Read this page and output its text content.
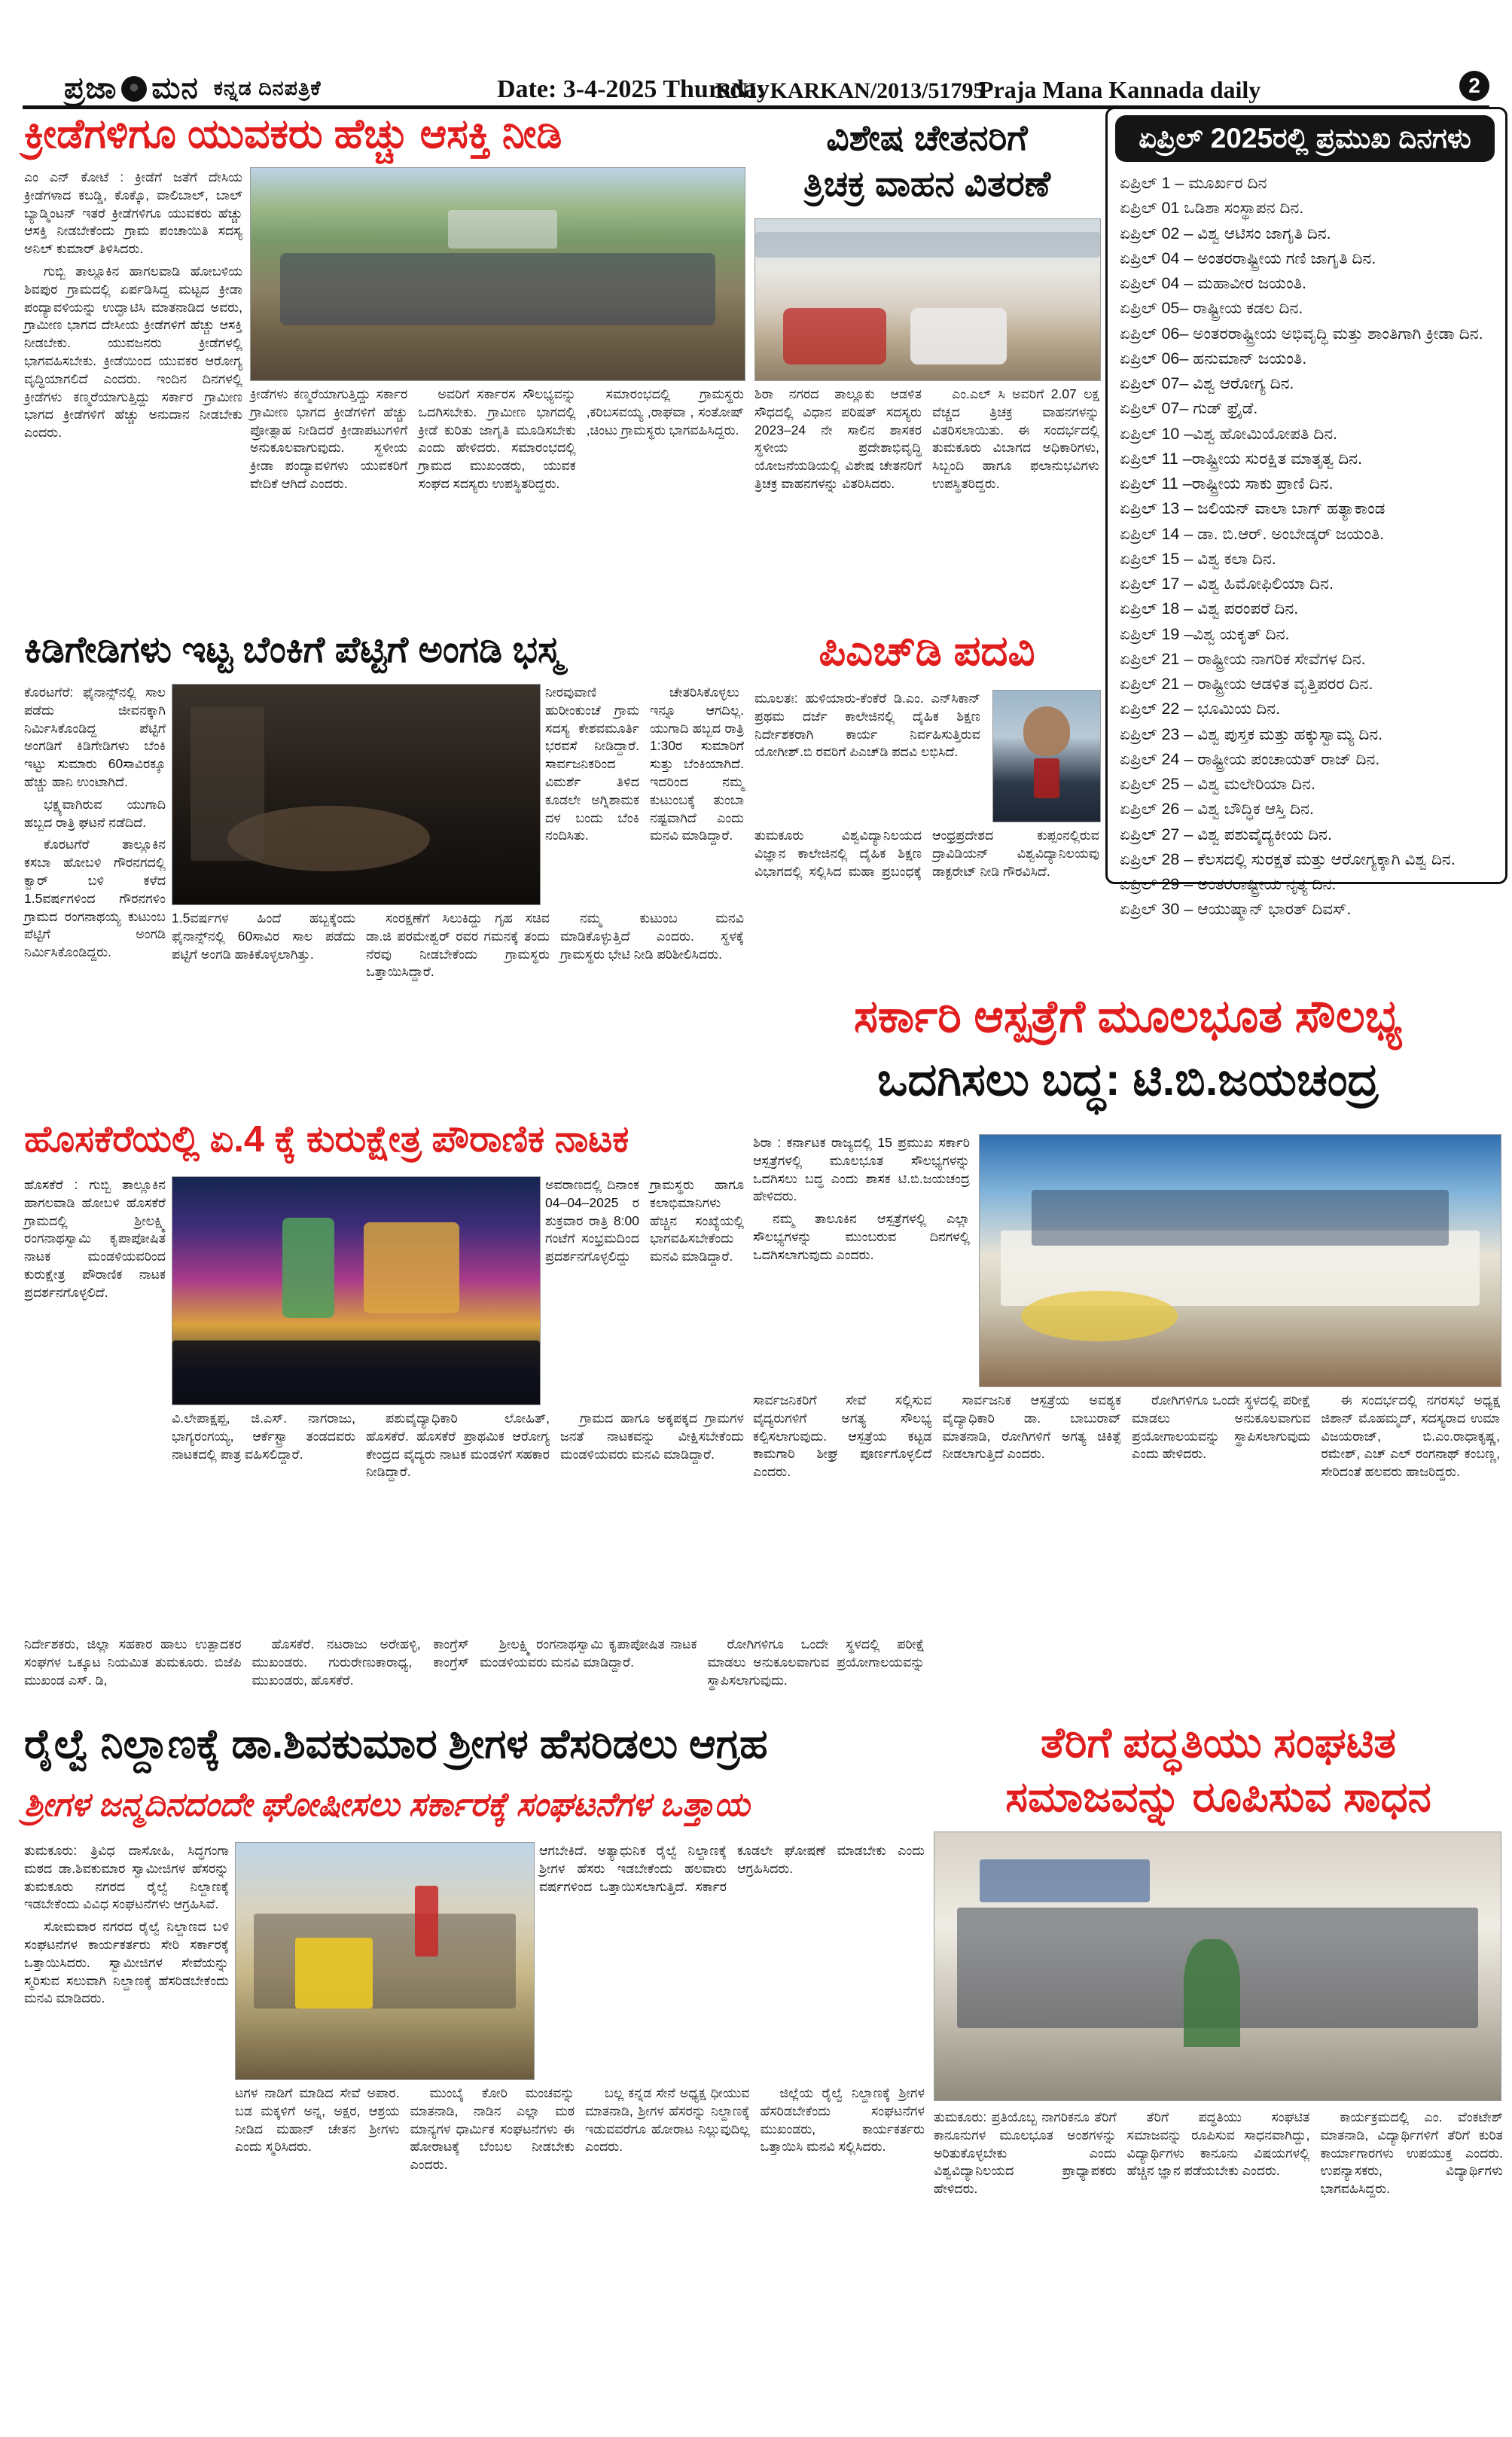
ಪ್ರಜಾ ಮನ ಕನ್ನಡ ದಿನಪತ್ರಿಕೆ	Date: 3-4-2025 Thursday
RNI: KARKAN/2013/51795
Praja Mana Kannada daily	2
ಕ್ರೀಡೆಗಳಿಗೂ ಯುವಕರು ಹೆಚ್ಚು ಆಸಕ್ತಿ ನೀಡಿ

ಎಂ ಎನ್ ಕೋಟೆ : ಕ್ರೀಡೆಗೆ ಜತೆಗೆ ದೇಸಿಯ ಕ್ರೀಡೆಗಳಾದ ಕಬಡ್ಡಿ, ಕೊಕ್ಕೊ, ವಾಲಿಬಾಲ್, ಬಾಲ್ ಬ್ಯಾಡ್ಮಿಂಟನ್ ಇತರೆ ಕ್ರೀಡೆಗಳಿಗೂ ಯುವಕರು ಹೆಚ್ಚು ಆಸಕ್ತಿ ನೀಡಬೇಕೆಂದು ಗ್ರಾಮ ಪಂಚಾಯಿತಿ ಸದಸ್ಯ ಅನಿಲ್ ಕುಮಾರ್ ತಿಳಿಸಿದರು.

ಗುಬ್ಬಿ ತಾಲ್ಲೂಕಿನ ಹಾಗಲವಾಡಿ ಹೋಬಳಿಯ ಶಿವಪುರ ಗ್ರಾಮದಲ್ಲಿ ಏರ್ಪಡಿಸಿದ್ದ ಮಟ್ಟದ ಕ್ರೀಡಾ ಪಂದ್ಯಾವಳಿಯನ್ನು ಉದ್ಘಾಟಿಸಿ ಮಾತನಾಡಿದ ಅವರು, ಗ್ರಾಮೀಣ ಭಾಗದ ದೇಸೀಯ ಕ್ರೀಡೆಗಳಿಗೆ ಹೆಚ್ಚು ಆಸಕ್ತಿ ನೀಡಬೇಕು. ಯುವಜನರು ಕ್ರೀಡೆಗಳಲ್ಲಿ ಭಾಗವಹಿಸಬೇಕು. ಕ್ರೀಡೆಯಿಂದ ಯುವಕರ ಆರೋಗ್ಯ ವೃದ್ಧಿಯಾಗಲಿದೆ ಎಂದರು. ಇಂದಿನ ದಿನಗಳಲ್ಲಿ ಕ್ರೀಡೆಗಳು ಕಣ್ಮರೆಯಾಗುತ್ತಿದ್ದು ಸರ್ಕಾರ ಗ್ರಾಮೀಣ ಭಾಗದ ಕ್ರೀಡೆಗಳಿಗೆ ಹೆಚ್ಚು ಅನುದಾನ ನೀಡಬೇಕು ಎಂದರು.

ಕ್ರೀಡೆಗಳು ಕಣ್ಮರೆಯಾಗುತ್ತಿದ್ದು ಸರ್ಕಾರ ಗ್ರಾಮೀಣ ಭಾಗದ ಕ್ರೀಡೆಗಳಿಗೆ ಹೆಚ್ಚು ಪ್ರೋತ್ಸಾಹ ನೀಡಿದರೆ ಕ್ರೀಡಾಪಟುಗಳಿಗೆ ಅನುಕೂಲವಾಗುವುದು. ಸ್ಥಳೀಯ ಕ್ರೀಡಾ ಪಂದ್ಯಾವಳಿಗಳು ಯುವಕರಿಗೆ ವೇದಿಕೆ ಆಗಿದೆ ಎಂದರು.

ಅವರಿಗೆ ಸರ್ಕಾರಸ ಸೌಲಭ್ಯವನ್ನು ಒದಗಿಸಬೇಕು. ಗ್ರಾಮೀಣ ಭಾಗದಲ್ಲಿ ಕ್ರೀಡೆ ಕುರಿತು ಜಾಗೃತಿ ಮೂಡಿಸಬೇಕು ಎಂದು ಹೇಳಿದರು. ಸಮಾರಂಭದಲ್ಲಿ ಗ್ರಾಮದ ಮುಖಂಡರು, ಯುವಕ ಸಂಘದ ಸದಸ್ಯರು ಉಪಸ್ಥಿತರಿದ್ದರು.

ಸಮಾರಂಭದಲ್ಲಿ ಗ್ರಾಮಸ್ಥರು ,ಕರಿಬಸವಯ್ಯ ,ರಾಘವಾ , ಸಂತೋಷ್ ,ಚಿಂಟು ಗ್ರಾಮಸ್ಥರು ಭಾಗವಹಿಸಿದ್ದರು.

ವಿಶೇಷ ಚೇತನರಿಗೆ
ತ್ರಿಚಕ್ರ ವಾಹನ ವಿತರಣೆ

ಶಿರಾ ನಗರದ ತಾಲ್ಲೂಕು ಆಡಳಿತ ಸೌಧದಲ್ಲಿ ವಿಧಾನ ಪರಿಷತ್ ಸದಸ್ಯರು 2023–24 ನೇ ಸಾಲಿನ ಶಾಸಕರ ಸ್ಥಳೀಯ ಪ್ರದೇಶಾಭಿವೃದ್ಧಿ ಯೋಜನೆಯಡಿಯಲ್ಲಿ ವಿಶೇಷ ಚೇತನರಿಗೆ ತ್ರಿಚಕ್ರ ವಾಹನಗಳನ್ನು ವಿತರಿಸಿದರು.

ಎಂ.ಎಲ್ ಸಿ ಅವರಿಗೆ 2.07 ಲಕ್ಷ ವೆಚ್ಚದ ತ್ರಿಚಕ್ರ ವಾಹನಗಳನ್ನು ವಿತರಿಸಲಾಯಿತು. ಈ ಸಂದರ್ಭದಲ್ಲಿ ತುಮಕೂರು ವಿಬಾಗದ ಅಧಿಕಾರಿಗಳು, ಸಿಬ್ಬಂದಿ ಹಾಗೂ ಫಲಾನುಭವಿಗಳು ಉಪಸ್ಥಿತರಿದ್ದರು.

ಏಪ್ರಿಲ್ 2025ರಲ್ಲಿ ಪ್ರಮುಖ ದಿನಗಳು
ಏಪ್ರಿಲ್ 1 – ಮೂರ್ಖರ ದಿನ
ಏಪ್ರಿಲ್ 01 ಒಡಿಶಾ ಸಂಸ್ಥಾಪನ ದಿನ.
ಏಪ್ರಿಲ್ 02 – ವಿಶ್ವ ಆಟಿಸಂ ಜಾಗೃತಿ ದಿನ.
ಏಪ್ರಿಲ್ 04 – ಅಂತರರಾಷ್ಟ್ರೀಯ ಗಣಿ ಜಾಗೃತಿ ದಿನ.
ಏಪ್ರಿಲ್ 04 – ಮಹಾವೀರ ಜಯಂತಿ.
ಏಪ್ರಿಲ್ 05– ರಾಷ್ಟ್ರೀಯ ಕಡಲ ದಿನ.
ಏಪ್ರಿಲ್ 06– ಅಂತರರಾಷ್ಟ್ರೀಯ ಅಭಿವೃದ್ಧಿ ಮತ್ತು ಶಾಂತಿಗಾಗಿ ಕ್ರೀಡಾ ದಿನ.
ಏಪ್ರಿಲ್ 06– ಹನುಮಾನ್ ಜಯಂತಿ.
ಏಪ್ರಿಲ್ 07– ವಿಶ್ವ ಆರೋಗ್ಯ ದಿನ.
ಏಪ್ರಿಲ್ 07– ಗುಡ್ ಫ್ರೈಡೆ.
ಏಪ್ರಿಲ್ 10 –ವಿಶ್ವ ಹೋಮಿಯೋಪತಿ ದಿನ.
ಏಪ್ರಿಲ್ 11 –ರಾಷ್ಟ್ರೀಯ ಸುರಕ್ಷಿತ ಮಾತೃತ್ವ ದಿನ.
ಏಪ್ರಿಲ್ 11 –ರಾಷ್ಟ್ರೀಯ ಸಾಕು ಪ್ರಾಣಿ ದಿನ.
ಏಪ್ರಿಲ್ 13 – ಜಲಿಯನ್ ವಾಲಾ ಬಾಗ್ ಹತ್ಯಾಕಾಂಡ
ಏಪ್ರಿಲ್ 14 – ಡಾ. ಬಿ.ಆರ್. ಅಂಬೇಡ್ಕರ್ ಜಯಂತಿ.
ಏಪ್ರಿಲ್ 15 – ವಿಶ್ವ ಕಲಾ ದಿನ.
ಏಪ್ರಿಲ್ 17 – ವಿಶ್ವ ಹಿಮೋಫಿಲಿಯಾ ದಿನ.
ಏಪ್ರಿಲ್ 18 – ವಿಶ್ವ ಪರಂಪರೆ ದಿನ.
ಏಪ್ರಿಲ್ 19 –ವಿಶ್ವ ಯಕೃತ್ ದಿನ.
ಏಪ್ರಿಲ್ 21 – ರಾಷ್ಟ್ರೀಯ ನಾಗರಿಕ ಸೇವೆಗಳ ದಿನ.
ಏಪ್ರಿಲ್ 21 – ರಾಷ್ಟ್ರೀಯ ಆಡಳಿತ ವೃತ್ತಿಪರರ ದಿನ.
ಏಪ್ರಿಲ್ 22 – ಭೂಮಿಯ ದಿನ.
ಏಪ್ರಿಲ್ 23 – ವಿಶ್ವ ಪುಸ್ತಕ ಮತ್ತು ಹಕ್ಕುಸ್ವಾಮ್ಯ ದಿನ.
ಏಪ್ರಿಲ್ 24 – ರಾಷ್ಟ್ರೀಯ ಪಂಚಾಯತ್ ರಾಜ್ ದಿನ.
ಏಪ್ರಿಲ್ 25 – ವಿಶ್ವ ಮಲೇರಿಯಾ ದಿನ.
ಏಪ್ರಿಲ್ 26 – ವಿಶ್ವ ಬೌದ್ಧಿಕ ಆಸ್ತಿ ದಿನ.
ಏಪ್ರಿಲ್ 27 – ವಿಶ್ವ ಪಶುವೈದ್ಯಕೀಯ ದಿನ.
ಏಪ್ರಿಲ್ 28 – ಕೆಲಸದಲ್ಲಿ ಸುರಕ್ಷತೆ ಮತ್ತು ಆರೋಗ್ಯಕ್ಕಾಗಿ ವಿಶ್ವ ದಿನ.
ಏಪ್ರಿಲ್ 29 – ಅಂತರರಾಷ್ಟ್ರೀಯ ನೃತ್ಯ ದಿನ.
ಏಪ್ರಿಲ್ 30 – ಆಯುಷ್ಮಾನ್ ಭಾರತ್ ದಿವಸ್.
ಕಿಡಿಗೇಡಿಗಳು ಇಟ್ಟ ಬೆಂಕಿಗೆ ಪೆಟ್ಟಿಗೆ ಅಂಗಡಿ ಭಸ್ಮ

ಕೊರಟಗೆರೆ: ಫೈನಾನ್ಸ್‌ನಲ್ಲಿ ಸಾಲ ಪಡೆದು ಜೀವನಕ್ಕಾಗಿ ನಿರ್ಮಿಸಿಕೊಂಡಿದ್ದ ಪೆಟ್ಟಿಗೆ ಅಂಗಡಿಗೆ ಕಿಡಿಗೇಡಿಗಳು ಬೆಂಕಿ ಇಟ್ಟು ಸುಮಾರು 60ಸಾವಿರಕ್ಕೂ ಹೆಚ್ಚು ಹಾನಿ ಉಂಟಾಗಿದೆ.

ಭಕ್ಷ್ಯವಾಗಿರುವ ಯುಗಾದಿ ಹಬ್ಬದ ರಾತ್ರಿ ಘಟನೆ ನಡೆದಿದೆ.

ಕೊರಟಗೆರೆ ತಾಲ್ಲೂಕಿನ ಕಸಬಾ ಹೋಬಳಿ ಗೌರನಗದಲ್ಲಿ ಕ್ವಾರ್ ಬಳಿ ಕಳೆದ 1.5ವರ್ಷಗಳಿಂದ ಗೌರನಗಳಿಂ ಗ್ರಾಮದ ರಂಗನಾಥಯ್ಯ ಕುಟುಂಬ ಪೆಟ್ಟಿಗೆ ಅಂಗಡಿ ನಿರ್ಮಿಸಿಕೊಂಡಿದ್ದರು.

ನೀರವುವಾಣಿ ಹುರೀಂಕುಂಚೆ ಗ್ರಾಮ ಸದಸ್ಯ ಕೇಶವಮೂರ್ತಿ ಭರವಸೆ ನೀಡಿದ್ದಾರೆ. ಸಾರ್ವಜನಿಕರಿಂದ ವಿಮರ್ಶೆ ತಿಳಿದ ಕೂಡಲೇ ಅಗ್ನಿಶಾಮಕ ದಳ ಬಂದು ಬೆಂಕಿ ನಂದಿಸಿತು.

ಚೇತರಿಸಿಕೊಳ್ಳಲು ಇನ್ನೂ ಆಗದಿಲ್ಲ. ಯುಗಾದಿ ಹಬ್ಬದ ರಾತ್ರಿ 1:30ರ ಸುಮಾರಿಗೆ ಸುತ್ತು ಬೆಂಕಿಯಾಗಿದೆ. ಇದರಿಂದ ನಮ್ಮ ಕುಟುಂಬಕ್ಕೆ ತುಂಬಾ ನಷ್ಟವಾಗಿದೆ ಎಂದು ಮನವಿ ಮಾಡಿದ್ದಾರೆ.

1.5ವರ್ಷಗಳ ಹಿಂದೆ ಹಬ್ಬಕ್ಕೆಂದು ಫೈನಾನ್ಸ್‌ನಲ್ಲಿ 60ಸಾವಿರ ಸಾಲ ಪಡೆದು ಪಟ್ಟಿಗೆ ಅಂಗಡಿ ಹಾಕಿಕೊಳ್ಳಲಾಗಿತ್ತು.

ಸಂರಕ್ಷಣೆಗೆ ಸಿಲುಕಿದ್ದು ಗೃಹ ಸಚಿವ ಡಾ.ಜಿ ಪರಮೇಶ್ವರ್ ರವರ ಗಮನಕ್ಕೆ ತಂದು ನೆರವು ನೀಡಬೇಕೆಂದು ಗ್ರಾಮಸ್ಥರು ಒತ್ತಾಯಿಸಿದ್ದಾರೆ.

ನಮ್ಮ ಕುಟುಂಬ ಮನವಿ ಮಾಡಿಕೊಳ್ಳುತ್ತಿದೆ ಎಂದರು. ಸ್ಥಳಕ್ಕೆ ಗ್ರಾಮಸ್ಥರು ಭೇಟಿ ನೀಡಿ ಪರಿಶೀಲಿಸಿದರು.

ಪಿಎಚ್‌ಡಿ ಪದವಿ

ಮೂಲತಃ: ಹುಳಿಯಾರು-ಕೆಂಕೆರೆ ಡಿ.ಎಂ. ಎನ್‌ಸಿಕಾನ್ ಪ್ರಥಮ ದರ್ಜೆ ಕಾಲೇಜಿನಲ್ಲಿ ದೈಹಿಕ ಶಿಕ್ಷಣ ನಿರ್ದೇಶಕರಾಗಿ ಕಾರ್ಯ ನಿರ್ವಹಿಸುತ್ತಿರುವ ಯೋಗೀಶ್.ಬಿ ರವರಿಗೆ ಪಿಎಚ್‌ಡಿ ಪದವಿ ಲಭಿಸಿದೆ.

ತುಮಕೂರು ವಿಶ್ವವಿದ್ಯಾನಿಲಯದ ವಿಜ್ಞಾನ ಕಾಲೇಜಿನಲ್ಲಿ ದೈಹಿಕ ಶಿಕ್ಷಣ ವಿಭಾಗದಲ್ಲಿ ಸಲ್ಲಿಸಿದ ಮಹಾ ಪ್ರಬಂಧಕ್ಕೆ ಆಂಧ್ರಪ್ರದೇಶದ ಕುಪ್ಪಂನಲ್ಲಿರುವ ದ್ರಾವಿಡಿಯನ್ ವಿಶ್ವವಿದ್ಯಾನಿಲಯವು ಡಾಕ್ಟರೇಟ್ ನೀಡಿ ಗೌರವಿಸಿದೆ.

ಸರ್ಕಾರಿ ಆಸ್ಪತ್ರೆಗೆ ಮೂಲಭೂತ ಸೌಲಭ್ಯ
ಒದಗಿಸಲು ಬದ್ಧ: ಟಿ.ಬಿ.ಜಯಚಂದ್ರ

ಶಿರಾ : ಕರ್ನಾಟಕ ರಾಜ್ಯದಲ್ಲಿ 15 ಪ್ರಮುಖ ಸರ್ಕಾರಿ ಆಸ್ಪತ್ರೆಗಳಲ್ಲಿ ಮೂಲಭೂತ ಸೌಲಭ್ಯಗಳನ್ನು ಒದಗಿಸಲು ಬದ್ಧ ಎಂದು ಶಾಸಕ ಟಿ.ಬಿ.ಜಯಚಂದ್ರ ಹೇಳಿದರು.

ನಮ್ಮ ತಾಲೂಕಿನ ಆಸ್ಪತ್ರೆಗಳಲ್ಲಿ ಎಲ್ಲಾ ಸೌಲಭ್ಯಗಳನ್ನು ಮುಂಬರುವ ದಿನಗಳಲ್ಲಿ ಒದಗಿಸಲಾಗುವುದು ಎಂದರು.

ಸಾರ್ವಜನಿಕರಿಗೆ ಸೇವೆ ಸಲ್ಲಿಸುವ ವೈದ್ಯರುಗಳಿಗೆ ಅಗತ್ಯ ಸೌಲಭ್ಯ ಕಲ್ಪಿಸಲಾಗುವುದು. ಆಸ್ಪತ್ರೆಯ ಕಟ್ಟಡ ಕಾಮಗಾರಿ ಶೀಘ್ರ ಪೂರ್ಣಗೊಳ್ಳಲಿದೆ ಎಂದರು.

ಸಾರ್ವಜನಿಕ ಆಸ್ಪತ್ರೆಯ ಅವಶ್ಯಕ ವೈದ್ಯಾಧಿಕಾರಿ ಡಾ. ಬಾಬುರಾವ್ ಮಾತನಾಡಿ, ರೋಗಿಗಳಿಗೆ ಅಗತ್ಯ ಚಿಕಿತ್ಸೆ ನೀಡಲಾಗುತ್ತಿದೆ ಎಂದರು.

ರೋಗಿಗಳಿಗೂ ಒಂದೇ ಸ್ಥಳದಲ್ಲಿ ಪರೀಕ್ಷೆ ಮಾಡಲು ಅನುಕೂಲವಾಗುವ ಪ್ರಯೋಗಾಲಯವನ್ನು ಸ್ಥಾಪಿಸಲಾಗುವುದು ಎಂದು ಹೇಳಿದರು.

ಈ ಸಂದರ್ಭದಲ್ಲಿ ನಗರಸಭೆ ಅಧ್ಯಕ್ಷ ಜಿಶಾನ್ ಮೊಹಮ್ಮದ್, ಸದಸ್ಯರಾದ ಉಮಾ ವಿಜಯರಾಜ್, ಬಿ.ಎಂ.ರಾಧಾಕೃಷ್ಣ, ರಮೇಶ್, ಎಚ್ ಎಲ್ ರಂಗನಾಥ್ ಕಂಬಣ್ಣ, ಸೇರಿದಂತೆ ಹಲವರು ಹಾಜರಿದ್ದರು.

ಹೊಸಕೆರೆಯಲ್ಲಿ ಏ.4 ಕ್ಕೆ ಕುರುಕ್ಷೇತ್ರ ಪೌರಾಣಿಕ ನಾಟಕ

ಹೊಸಕೆರೆ : ಗುಬ್ಬಿ ತಾಲ್ಲೂಕಿನ ಹಾಗಲವಾಡಿ ಹೋಬಳಿ ಹೊಸಕೆರೆ ಗ್ರಾಮದಲ್ಲಿ ಶ್ರೀಲಕ್ಷ್ಮಿ ರಂಗನಾಥಸ್ವಾಮಿ ಕೃಪಾಪೋಷಿತ ನಾಟಕ ಮಂಡಳಿಯವರಿಂದ ಕುರುಕ್ಷೇತ್ರ ಪೌರಾಣಿಕ ನಾಟಕ ಪ್ರದರ್ಶನಗೊಳ್ಳಲಿದೆ.

ಅವರಾಣದಲ್ಲಿ ದಿನಾಂಕ 04–04–2025 ರ ಶುಕ್ರವಾರ ರಾತ್ರಿ 8:00 ಗಂಟೆಗೆ ಸಂಭ್ರಮದಿಂದ ಪ್ರದರ್ಶನಗೊಳ್ಳಲಿದ್ದು ಗ್ರಾಮಸ್ಥರು ಹಾಗೂ ಕಲಾಭಿಮಾನಿಗಳು ಹೆಚ್ಚಿನ ಸಂಖ್ಯೆಯಲ್ಲಿ ಭಾಗವಹಿಸಬೇಕೆಂದು ಮನವಿ ಮಾಡಿದ್ದಾರೆ.

ವಿ.ಲೇಪಾಕ್ಷಪ್ಪ, ಜಿ.ಎಸ್. ನಾಗರಾಜು, ಭಾಗ್ಯರಂಗಯ್ಯ, ಆರ್ಕೆಸ್ಟ್ರಾ ತಂಡದವರು ನಾಟಕದಲ್ಲಿ ಪಾತ್ರ ವಹಿಸಲಿದ್ದಾರೆ.

ಪಶುವೈದ್ಯಾಧಿಕಾರಿ ಲೋಹಿತ್, ಹೊಸಕೆರೆ. ಹೊಸಕೆರೆ ಪ್ರಾಥಮಿಕ ಆರೋಗ್ಯ ಕೇಂದ್ರದ ವೈದ್ಯರು ನಾಟಕ ಮಂಡಳಿಗೆ ಸಹಕಾರ ನೀಡಿದ್ದಾರೆ.

ಗ್ರಾಮದ ಹಾಗೂ ಅಕ್ಕಪಕ್ಕದ ಗ್ರಾಮಗಳ ಜನತೆ ನಾಟಕವನ್ನು ವೀಕ್ಷಿಸಬೇಕೆಂದು ಮಂಡಳಿಯವರು ಮನವಿ ಮಾಡಿದ್ದಾರೆ.

ನಿರ್ದೇಶಕರು, ಜಿಲ್ಲಾ ಸಹಕಾರ ಹಾಲು ಉತ್ಪಾದಕರ ಸಂಘಗಳ ಒಕ್ಕೂಟ ನಿಯಮಿತ ತುಮಕೂರು. ಬಿಜೆಪಿ ಮುಖಂಡ ಎಸ್. ಡಿ,

ಹೊಸಕೆರೆ. ನಟರಾಜು ಅರೇಹಳ್ಳಿ, ಕಾಂಗ್ರೆಸ್ ಮುಖಂಡರು. ಗುರುರೇಣುಕಾರಾಧ್ಯ, ಕಾಂಗ್ರೆಸ್ ಮುಖಂಡರು, ಹೊಸಕೆರೆ.

ಶ್ರೀಲಕ್ಷ್ಮಿ ರಂಗನಾಥಸ್ವಾಮಿ ಕೃಪಾಪೋಷಿತ ನಾಟಕ ಮಂಡಳಿಯವರು ಮನವಿ ಮಾಡಿದ್ದಾರೆ.

ರೋಗಿಗಳಿಗೂ ಒಂದೇ ಸ್ಥಳದಲ್ಲಿ ಪರೀಕ್ಷೆ ಮಾಡಲು ಅನುಕೂಲವಾಗುವ ಪ್ರಯೋಗಾಲಯವನ್ನು ಸ್ಥಾಪಿಸಲಾಗುವುದು.

ರೈಲ್ವೆ ನಿಲ್ದಾಣಕ್ಕೆ ಡಾ.ಶಿವಕುಮಾರ ಶ್ರೀಗಳ ಹೆಸರಿಡಲು ಆಗ್ರಹ
ಶ್ರೀಗಳ ಜನ್ಮದಿನದಂದೇ ಘೋಷೀಸಲು ಸರ್ಕಾರಕ್ಕೆ ಸಂಘಟನೆಗಳ ಒತ್ತಾಯ

ತುಮಕೂರು: ತ್ರಿವಿಧ ದಾಸೋಹಿ, ಸಿದ್ಧಗಂಗಾ ಮಠದ ಡಾ.ಶಿವಕುಮಾರ ಸ್ವಾಮೀಜಿಗಳ ಹೆಸರನ್ನು ತುಮಕೂರು ನಗರದ ರೈಲ್ವೆ ನಿಲ್ದಾಣಕ್ಕೆ ಇಡಬೇಕೆಂದು ವಿವಿಧ ಸಂಘಟನೆಗಳು ಆಗ್ರಹಿಸಿವೆ.

ಸೋಮವಾರ ನಗರದ ರೈಲ್ವೆ ನಿಲ್ದಾಣದ ಬಳಿ ಸಂಘಟನೆಗಳ ಕಾರ್ಯಕರ್ತರು ಸೇರಿ ಸರ್ಕಾರಕ್ಕೆ ಒತ್ತಾಯಿಸಿದರು. ಸ್ವಾಮೀಜಿಗಳ ಸೇವೆಯನ್ನು ಸ್ಮರಿಸುವ ಸಲುವಾಗಿ ನಿಲ್ದಾಣಕ್ಕೆ ಹೆಸರಿಡಬೇಕೆಂದು ಮನವಿ ಮಾಡಿದರು.

ಆಗಬೇಕಿದೆ. ಅತ್ಯಾಧುನಿಕ ರೈಲ್ವೆ ನಿಲ್ದಾಣಕ್ಕೆ ಶ್ರೀಗಳ ಹೆಸರು ಇಡಬೇಕೆಂದು ಹಲವಾರು ವರ್ಷಗಳಿಂದ ಒತ್ತಾಯಿಸಲಾಗುತ್ತಿದೆ. ಸರ್ಕಾರ ಕೂಡಲೇ ಘೋಷಣೆ ಮಾಡಬೇಕು ಎಂದು ಆಗ್ರಹಿಸಿದರು.

ಟಗಳ ನಾಡಿಗೆ ಮಾಡಿದ ಸೇವೆ ಅಪಾರ. ಬಡ ಮಕ್ಕಳಿಗೆ ಅನ್ನ, ಅಕ್ಷರ, ಆಶ್ರಯ ನೀಡಿದ ಮಹಾನ್ ಚೇತನ ಶ್ರೀಗಳು ಎಂದು ಸ್ಮರಿಸಿದರು.

ಮುಂಬೈ ಕೋರಿ ಮಂಚವನ್ನು ಮಾತನಾಡಿ, ನಾಡಿನ ಎಲ್ಲಾ ಮಠ ಮಾನ್ಯಗಳ ಧಾರ್ಮಿಕ ಸಂಘಟನೆಗಳು ಈ ಹೋರಾಟಕ್ಕೆ ಬೆಂಬಲ ನೀಡಬೇಕು ಎಂದರು.

ಬಲ್ಲ ಕನ್ನಡ ಸೇನೆ ಅಧ್ಯಕ್ಷ ಧೀಯುವ ಮಾತನಾಡಿ, ಶ್ರೀಗಳ ಹೆಸರನ್ನು ನಿಲ್ದಾಣಕ್ಕೆ ಇಡುವವರೆಗೂ ಹೋರಾಟ ನಿಲ್ಲುವುದಿಲ್ಲ ಎಂದರು.

ಜಿಲ್ಲೆಯ ರೈಲ್ವೆ ನಿಲ್ದಾಣಕ್ಕೆ ಶ್ರೀಗಳ ಹೆಸರಿಡಬೇಕೆಂದು ಸಂಘಟನೆಗಳ ಮುಖಂಡರು, ಕಾರ್ಯಕರ್ತರು ಒತ್ತಾಯಿಸಿ ಮನವಿ ಸಲ್ಲಿಸಿದರು.

ತೆರಿಗೆ ಪದ್ಧತಿಯು ಸಂಘಟಿತ
ಸಮಾಜವನ್ನು ರೂಪಿಸುವ ಸಾಧನ

ತುಮಕೂರು: ಪ್ರತಿಯೊಬ್ಬ ನಾಗರಿಕನೂ ತೆರಿಗೆ ಕಾನೂನುಗಳ ಮೂಲಭೂತ ಅಂಶಗಳನ್ನು ಅರಿತುಕೊಳ್ಳಬೇಕು ಎಂದು ವಿಶ್ವವಿದ್ಯಾನಿಲಯದ ಪ್ರಾಧ್ಯಾಪಕರು ಹೇಳಿದರು.

ತೆರಿಗೆ ಪದ್ಧತಿಯು ಸಂಘಟಿತ ಸಮಾಜವನ್ನು ರೂಪಿಸುವ ಸಾಧನವಾಗಿದ್ದು, ವಿದ್ಯಾರ್ಥಿಗಳು ಕಾನೂನು ವಿಷಯಗಳಲ್ಲಿ ಹೆಚ್ಚಿನ ಜ್ಞಾನ ಪಡೆಯಬೇಕು ಎಂದರು.

ಕಾರ್ಯಕ್ರಮದಲ್ಲಿ ಎಂ. ವೆಂಕಟೇಶ್ ಮಾತನಾಡಿ, ವಿದ್ಯಾರ್ಥಿಗಳಿಗೆ ತೆರಿಗೆ ಕುರಿತ ಕಾರ್ಯಾಗಾರಗಳು ಉಪಯುಕ್ತ ಎಂದರು. ಉಪನ್ಯಾಸಕರು, ವಿದ್ಯಾರ್ಥಿಗಳು ಭಾಗವಹಿಸಿದ್ದರು.
